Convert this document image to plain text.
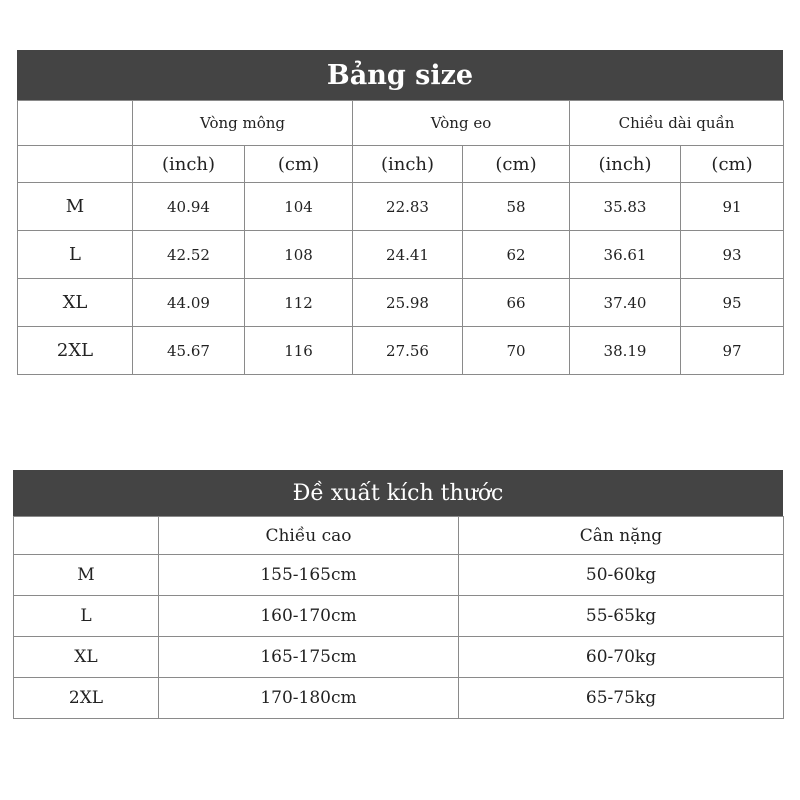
Bảng size
	Vòng mông		Vòng eo		Chiều dài quần	
	(inch)	(cm)	(inch)	(cm)	(inch)	(cm)
M	40.94	104	22.83	58	35.83	91
L	42.52	108	24.41	62	36.61	93
XL	44.09	112	25.98	66	37.40	95
2XL	45.67	116	27.56	70	38.19	97
Đề xuất kích thước
	Chiều cao	Cân nặng
M	155-165cm	50-60kg
L	160-170cm	55-65kg
XL	165-175cm	60-70kg
2XL	170-180cm	65-75kg
